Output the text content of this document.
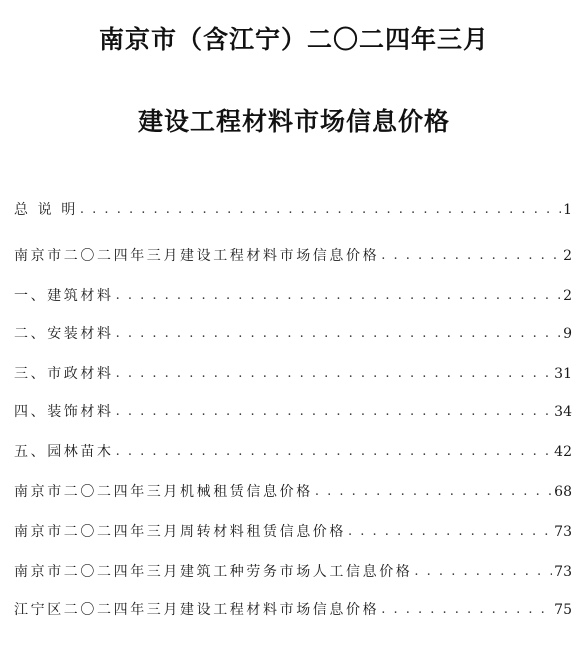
南京市（含江宁）二〇二四年三月
建设工程材料市场信息价格
总 说 明 . . .	1
南京市二〇二四年三月建设工程材料市场信息价格 . . .	2
一、建筑材料 . . .	2
二、安装材料 . . .	9
三、市政材料 . . .	31
四、装饰材料 . . .	34
五、园林苗木 . . .	42
南京市二〇二四年三月机械租赁信息价格 . . .	68
南京市二〇二四年三月周转材料租赁信息价格 . . .	73
南京市二〇二四年三月建筑工种劳务市场人工信息价格 . . .	73
江宁区二〇二四年三月建设工程材料市场信息价格 . . .	75
